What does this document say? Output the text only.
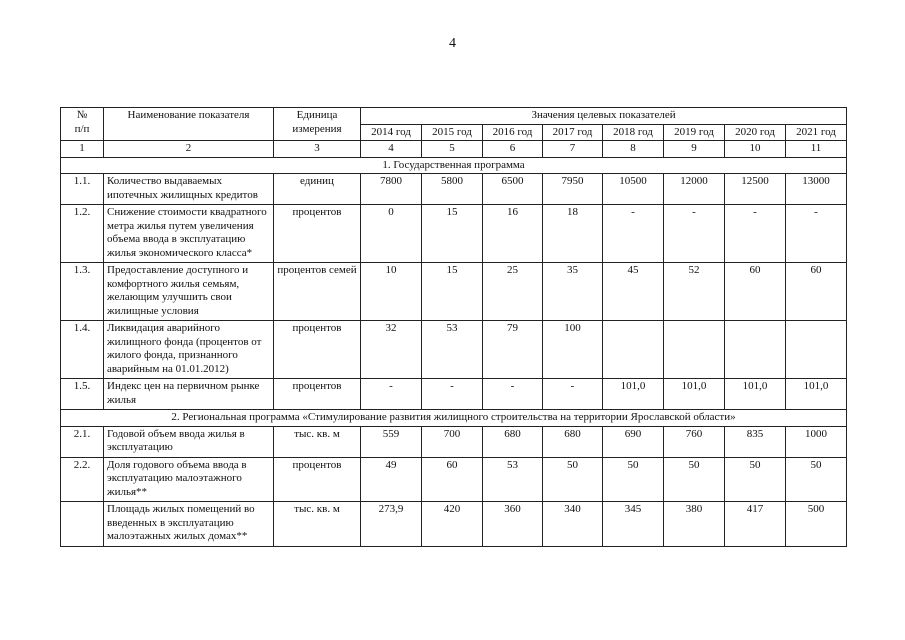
4
№
п/п	Наименование показателя	Единица
измерения	Значения целевых показателей							
			2014 год	2015 год	2016 год	2017 год	2018 год	2019 год	2020 год	2021 год
1	2	3	4	5	6	7	8	9	10	11
1. Государственная программа										
1.1.	Количество выдаваемых ипотечных жилищных кредитов	единиц	7800	5800	6500	7950	10500	12000	12500	13000
1.2.	Снижение стоимости квадратного метра жилья путем увеличения объема ввода в эксплуатацию жилья экономического класса*	процентов	0	15	16	18	-	-	-	-
1.3.	Предоставление доступного и комфортного жилья семьям, желающим улучшить свои жилищные условия	процентов семей	10	15	25	35	45	52	60	60
1.4.	Ликвидация аварийного жилищного фонда (процентов от жилого фонда, признанного аварийным на 01.01.2012)	процентов	32	53	79	100				
1.5.	Индекс цен на первичном рынке жилья	процентов	-	-	-	-	101,0	101,0	101,0	101,0
2. Региональная программа «Стимулирование развития жилищного строительства на территории Ярославской области»										
2.1.	Годовой объем ввода жилья в эксплуатацию	тыс. кв. м	559	700	680	680	690	760	835	1000
2.2.	Доля годового объема ввода в эксплуатацию малоэтажного жилья**	процентов	49	60	53	50	50	50	50	50
	Площадь жилых помещений во введенных в эксплуатацию малоэтажных жилых домах**	тыс. кв. м	273,9	420	360	340	345	380	417	500
